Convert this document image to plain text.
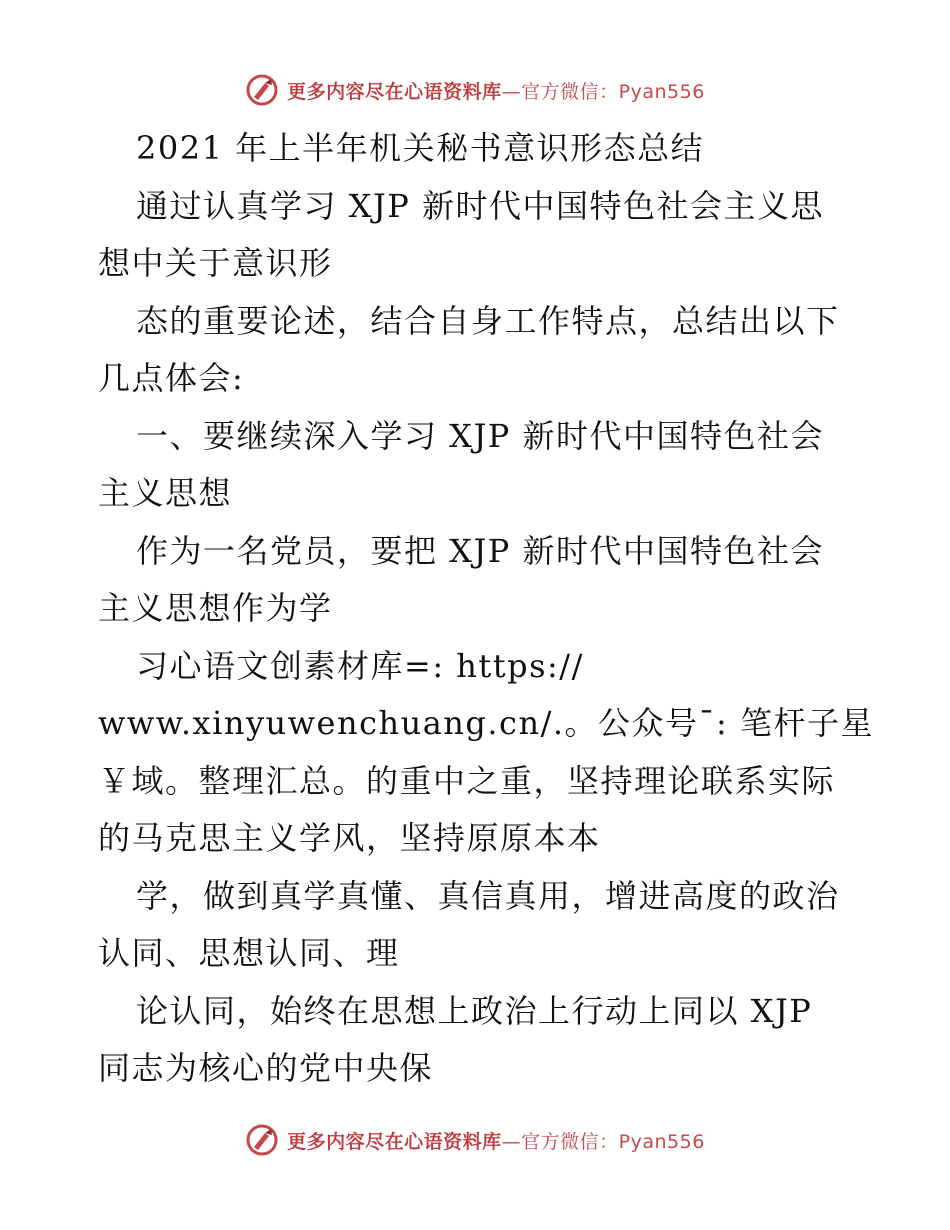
更多内容尽在心语资料库—官方微信：Pyan556
2021 年上半年机关秘书意识形态总结
通过认真学习 XJP 新时代中国特色社会主义思
想中关于意识形
态的重要论述，结合自身工作特点，总结出以下
几点体会:
一、要继续深入学习 XJP 新时代中国特色社会
主义思想
作为一名党员，要把 XJP 新时代中国特色社会
主义思想作为学
习心语文创素材库=: https://
www.xinyuwenchuang.cn/.。公众号¯: 笔杆子星
￥域。整理汇总。的重中之重，坚持理论联系实际
的马克思主义学风，坚持原原本本
学，做到真学真懂、真信真用，增进高度的政治
认同、思想认同、理
论认同，始终在思想上政治上行动上同以 XJP
同志为核心的党中央保
更多内容尽在心语资料库—官方微信：Pyan556
